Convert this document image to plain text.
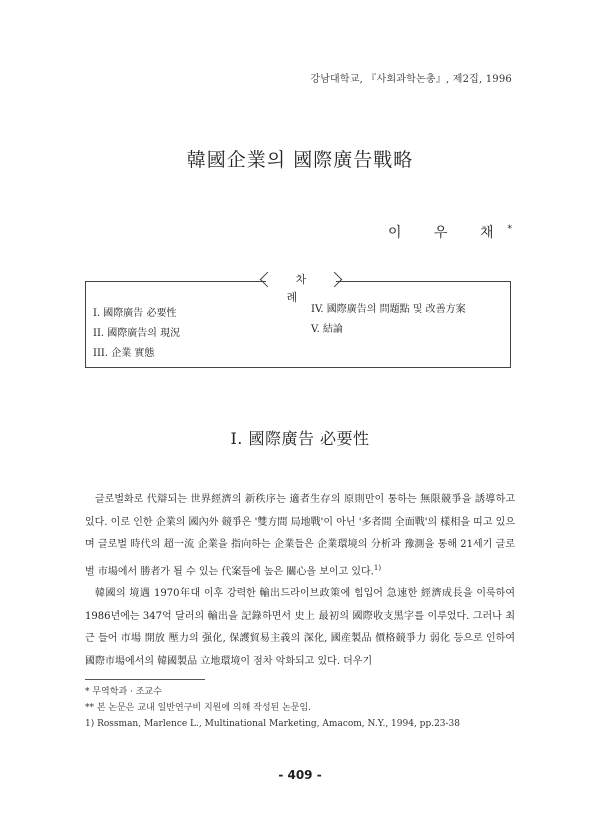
강남대학교, 『사회과학논총』, 제2집, 1996
韓國企業의 國際廣告戰略
이 우 채*
차 례
I. 國際廣告 必要性
II. 國際廣告의 現況
III. 企業 實態
IV. 國際廣告의 問題點 및 改善方案
V. 結論
I. 國際廣告 必要性

글로벌화로 代辯되는 世界經濟의 新秩序는 適者生存의 原則만이 통하는 無限競爭을 誘導하고 있다. 이로 인한 企業의 國內外 競爭은 '雙方間 局地戰'이 아닌 '多者間 全面戰'의 樣相을 띠고 있으며 글로벌 時代의 超一流 企業을 指向하는 企業들은 企業環境의 分析과 豫測을 통해 21세기 글로벌 市場에서 勝者가 될 수 있는 代案들에 높은 關心을 보이고 있다.$^{1)}$

韓國의 境遇 1970年대 이후 강력한 輸出드라이브政策에 힘입어 急速한 經濟成長을 이룩하여 1986년에는 347억 달러의 輸出을 記錄하면서 史上 最初의 國際收支黑字를 이루었다. 그러나 최근 들어 市場 開放 壓力의 强化, 保護貿易主義의 深化, 國産製品 價格競爭力 弱化 등으로 인하여 國際市場에서의 韓國製品 立地環境이 점차 악화되고 있다. 더우기

* 무역학과 · 조교수
** 본 논문은 교내 일반연구비 지원에 의해 작성된 논문임.
1) Rossman, Marlence L., Multinational Marketing, Amacom, N.Y., 1994, pp.23-38
- 409 -
